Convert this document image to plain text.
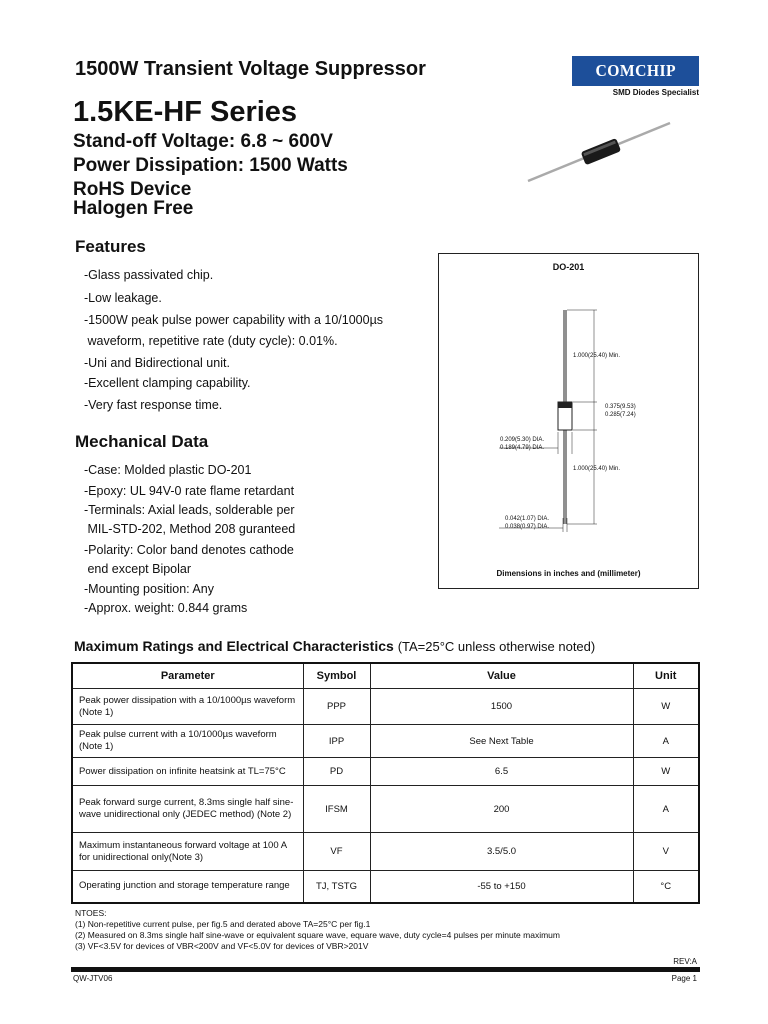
1500W Transient Voltage Suppressor	COMCHIP
SMD Diodes Specialist
1.5KE-HF Series
Stand-off Voltage: 6.8 ~ 600V
Power Dissipation: 1500 Watts
RoHS Device
Halogen Free
Features
-Glass passivated chip.
-Low leakage.
-1500W peak pulse power capability with a 10/1000µs
waveform, repetitive rate (duty cycle): 0.01%.
-Uni and Bidirectional unit.
-Excellent clamping capability.
-Very fast response time.
Mechanical Data
-Case: Molded plastic DO-201
-Epoxy: UL 94V-0 rate flame retardant
-Terminals: Axial leads, solderable per
MIL-STD-202, Method 208 guranteed
-Polarity: Color band denotes cathode
end except Bipolar
-Mounting position: Any
-Approx. weight: 0.844 grams
DO-201
1.000(25.40) Min.
0.375(9.53)
0.285(7.24)
0.209(5.30) DIA.
0.189(4.79) DIA.
1.000(25.40) Min.
0.042(1.07) DIA.
0.038(0.97) DIA.
Dimensions in inches and (millimeter)
Maximum Ratings and Electrical Characteristics (TA=25°C unless otherwise noted)
Parameter	Symbol	Value	Unit
Peak power dissipation with a 10/1000µs waveform (Note 1)	PPP	1500	W
Peak pulse current with a 10/1000µs waveform (Note 1)	IPP	See Next Table	A
Power dissipation on infinite heatsink at TL=75°C	PD	6.5	W
Peak forward surge current, 8.3ms single half sine-wave unidirectional only (JEDEC method) (Note 2)	IFSM	200	A
Maximum instantaneous forward voltage at 100 A for unidirectional only(Note 3)	VF	3.5/5.0	V
Operating junction and storage temperature range	TJ, TSTG	-55 to +150	°C
NTOES:
(1) Non-repetitive current pulse, per fig.5 and derated above TA=25°C per fig.1
(2) Measured on 8.3ms single half sine-wave or equivalent square wave, equare wave, duty cycle=4 pulses per minute maximum
(3) VF<3.5V for devices of VBR<200V and VF<5.0V for devices of VBR>201V
REV:A
QW-JTV06	Page 1
